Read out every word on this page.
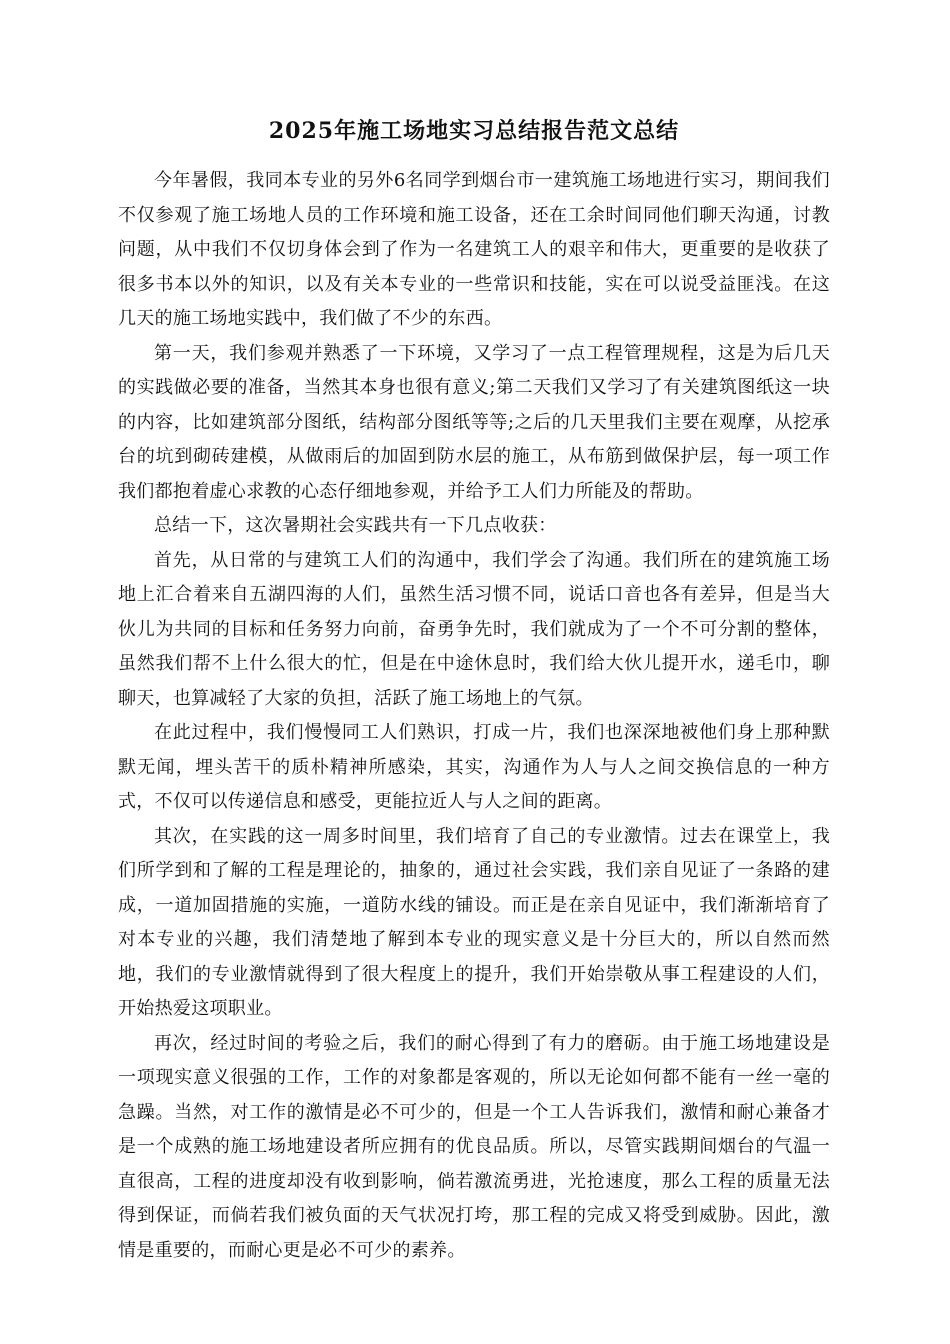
2025年施工场地实习总结报告范文总结

今年暑假，我同本专业的另外6名同学到烟台市一建筑施工场地进行实习，期间我们不仅参观了施工场地人员的工作环境和施工设备，还在工余时间同他们聊天沟通，讨教问题，从中我们不仅切身体会到了作为一名建筑工人的艰辛和伟大，更重要的是收获了很多书本以外的知识，以及有关本专业的一些常识和技能，实在可以说受益匪浅。在这几天的施工场地实践中，我们做了不少的东西。

第一天，我们参观并熟悉了一下环境，又学习了一点工程管理规程，这是为后几天的实践做必要的准备，当然其本身也很有意义;第二天我们又学习了有关建筑图纸这一块的内容，比如建筑部分图纸，结构部分图纸等等;之后的几天里我们主要在观摩，从挖承台的坑到砌砖建模，从做雨后的加固到防水层的施工，从布筋到做保护层，每一项工作我们都抱着虚心求教的心态仔细地参观，并给予工人们力所能及的帮助。

总结一下，这次暑期社会实践共有一下几点收获：

首先，从日常的与建筑工人们的沟通中，我们学会了沟通。我们所在的建筑施工场地上汇合着来自五湖四海的人们，虽然生活习惯不同，说话口音也各有差异，但是当大伙儿为共同的目标和任务努力向前，奋勇争先时，我们就成为了一个不可分割的整体，虽然我们帮不上什么很大的忙，但是在中途休息时，我们给大伙儿提开水，递毛巾，聊聊天，也算减轻了大家的负担，活跃了施工场地上的气氛。

在此过程中，我们慢慢同工人们熟识，打成一片，我们也深深地被他们身上那种默默无闻，埋头苦干的质朴精神所感染，其实，沟通作为人与人之间交换信息的一种方式，不仅可以传递信息和感受，更能拉近人与人之间的距离。

其次，在实践的这一周多时间里，我们培育了自己的专业激情。过去在课堂上，我们所学到和了解的工程是理论的，抽象的，通过社会实践，我们亲自见证了一条路的建成，一道加固措施的实施，一道防水线的铺设。而正是在亲自见证中，我们渐渐培育了对本专业的兴趣，我们清楚地了解到本专业的现实意义是十分巨大的，所以自然而然地，我们的专业激情就得到了很大程度上的提升，我们开始崇敬从事工程建设的人们，开始热爱这项职业。

再次，经过时间的考验之后，我们的耐心得到了有力的磨砺。由于施工场地建设是一项现实意义很强的工作，工作的对象都是客观的，所以无论如何都不能有一丝一毫的急躁。当然，对工作的激情是必不可少的，但是一个工人告诉我们，激情和耐心兼备才是一个成熟的施工场地建设者所应拥有的优良品质。所以，尽管实践期间烟台的气温一直很高，工程的进度却没有收到影响，倘若激流勇进，光抢速度，那么工程的质量无法得到保证，而倘若我们被负面的天气状况打垮，那工程的完成又将受到威胁。因此，激情是重要的，而耐心更是必不可少的素养。
